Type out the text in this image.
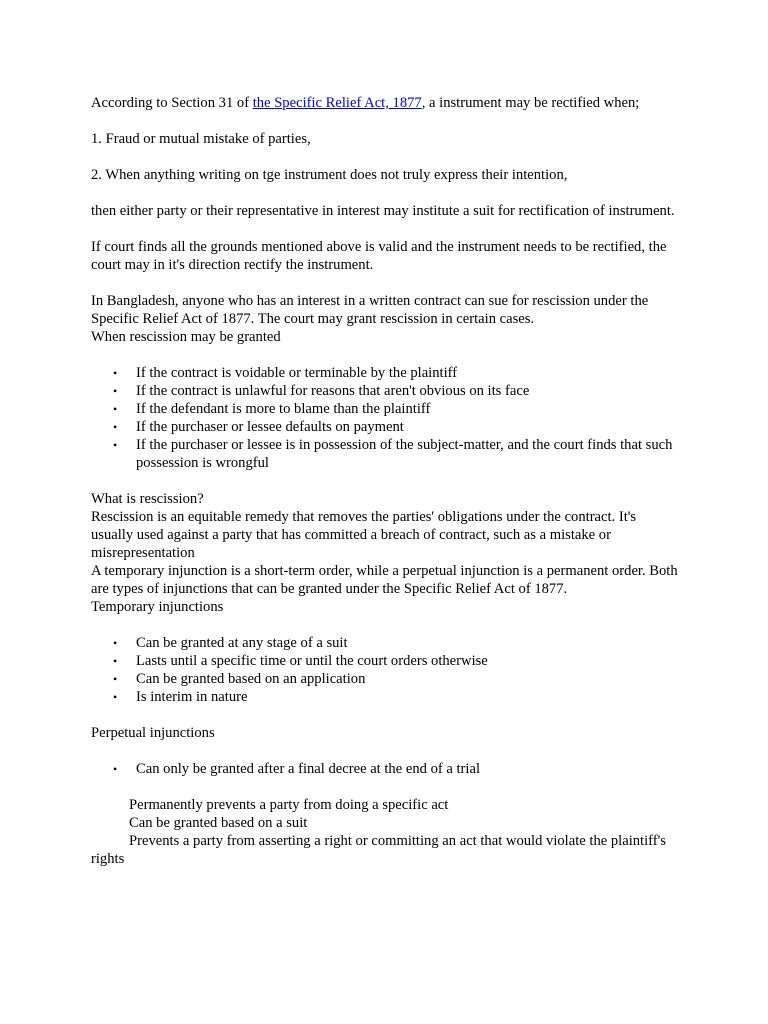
According to Section 31 of the Specific Relief Act, 1877, a instrument may be rectified when;

1. Fraud or mutual mistake of parties,

2. When anything writing on tge instrument does not truly express their intention,

then either party or their representative in interest may institute a suit for rectification of instrument.

If court finds all the grounds mentioned above is valid and the instrument needs to be rectified, the court may in it's direction rectify the instrument.

In Bangladesh, anyone who has an interest in a written contract can sue for rescission under the Specific Relief Act of 1877. The court may grant rescission in certain cases.

When rescission may be granted

• If the contract is voidable or terminable by the plaintiff
• If the contract is unlawful for reasons that aren't obvious on its face
• If the defendant is more to blame than the plaintiff
• If the purchaser or lessee defaults on payment
• If the purchaser or lessee is in possession of the subject-matter, and the court finds that such possession is wrongful

What is rescission?

Rescission is an equitable remedy that removes the parties' obligations under the contract. It's usually used against a party that has committed a breach of contract, such as a mistake or misrepresentation

A temporary injunction is a short-term order, while a perpetual injunction is a permanent order. Both are types of injunctions that can be granted under the Specific Relief Act of 1877.

Temporary injunctions

• Can be granted at any stage of a suit
• Lasts until a specific time or until the court orders otherwise
• Can be granted based on an application
• Is interim in nature

Perpetual injunctions

• Can only be granted after a final decree at the end of a trial

Permanently prevents a party from doing a specific act

Can be granted based on a suit

Prevents a party from asserting a right or committing an act that would violate the plaintiff's rights
